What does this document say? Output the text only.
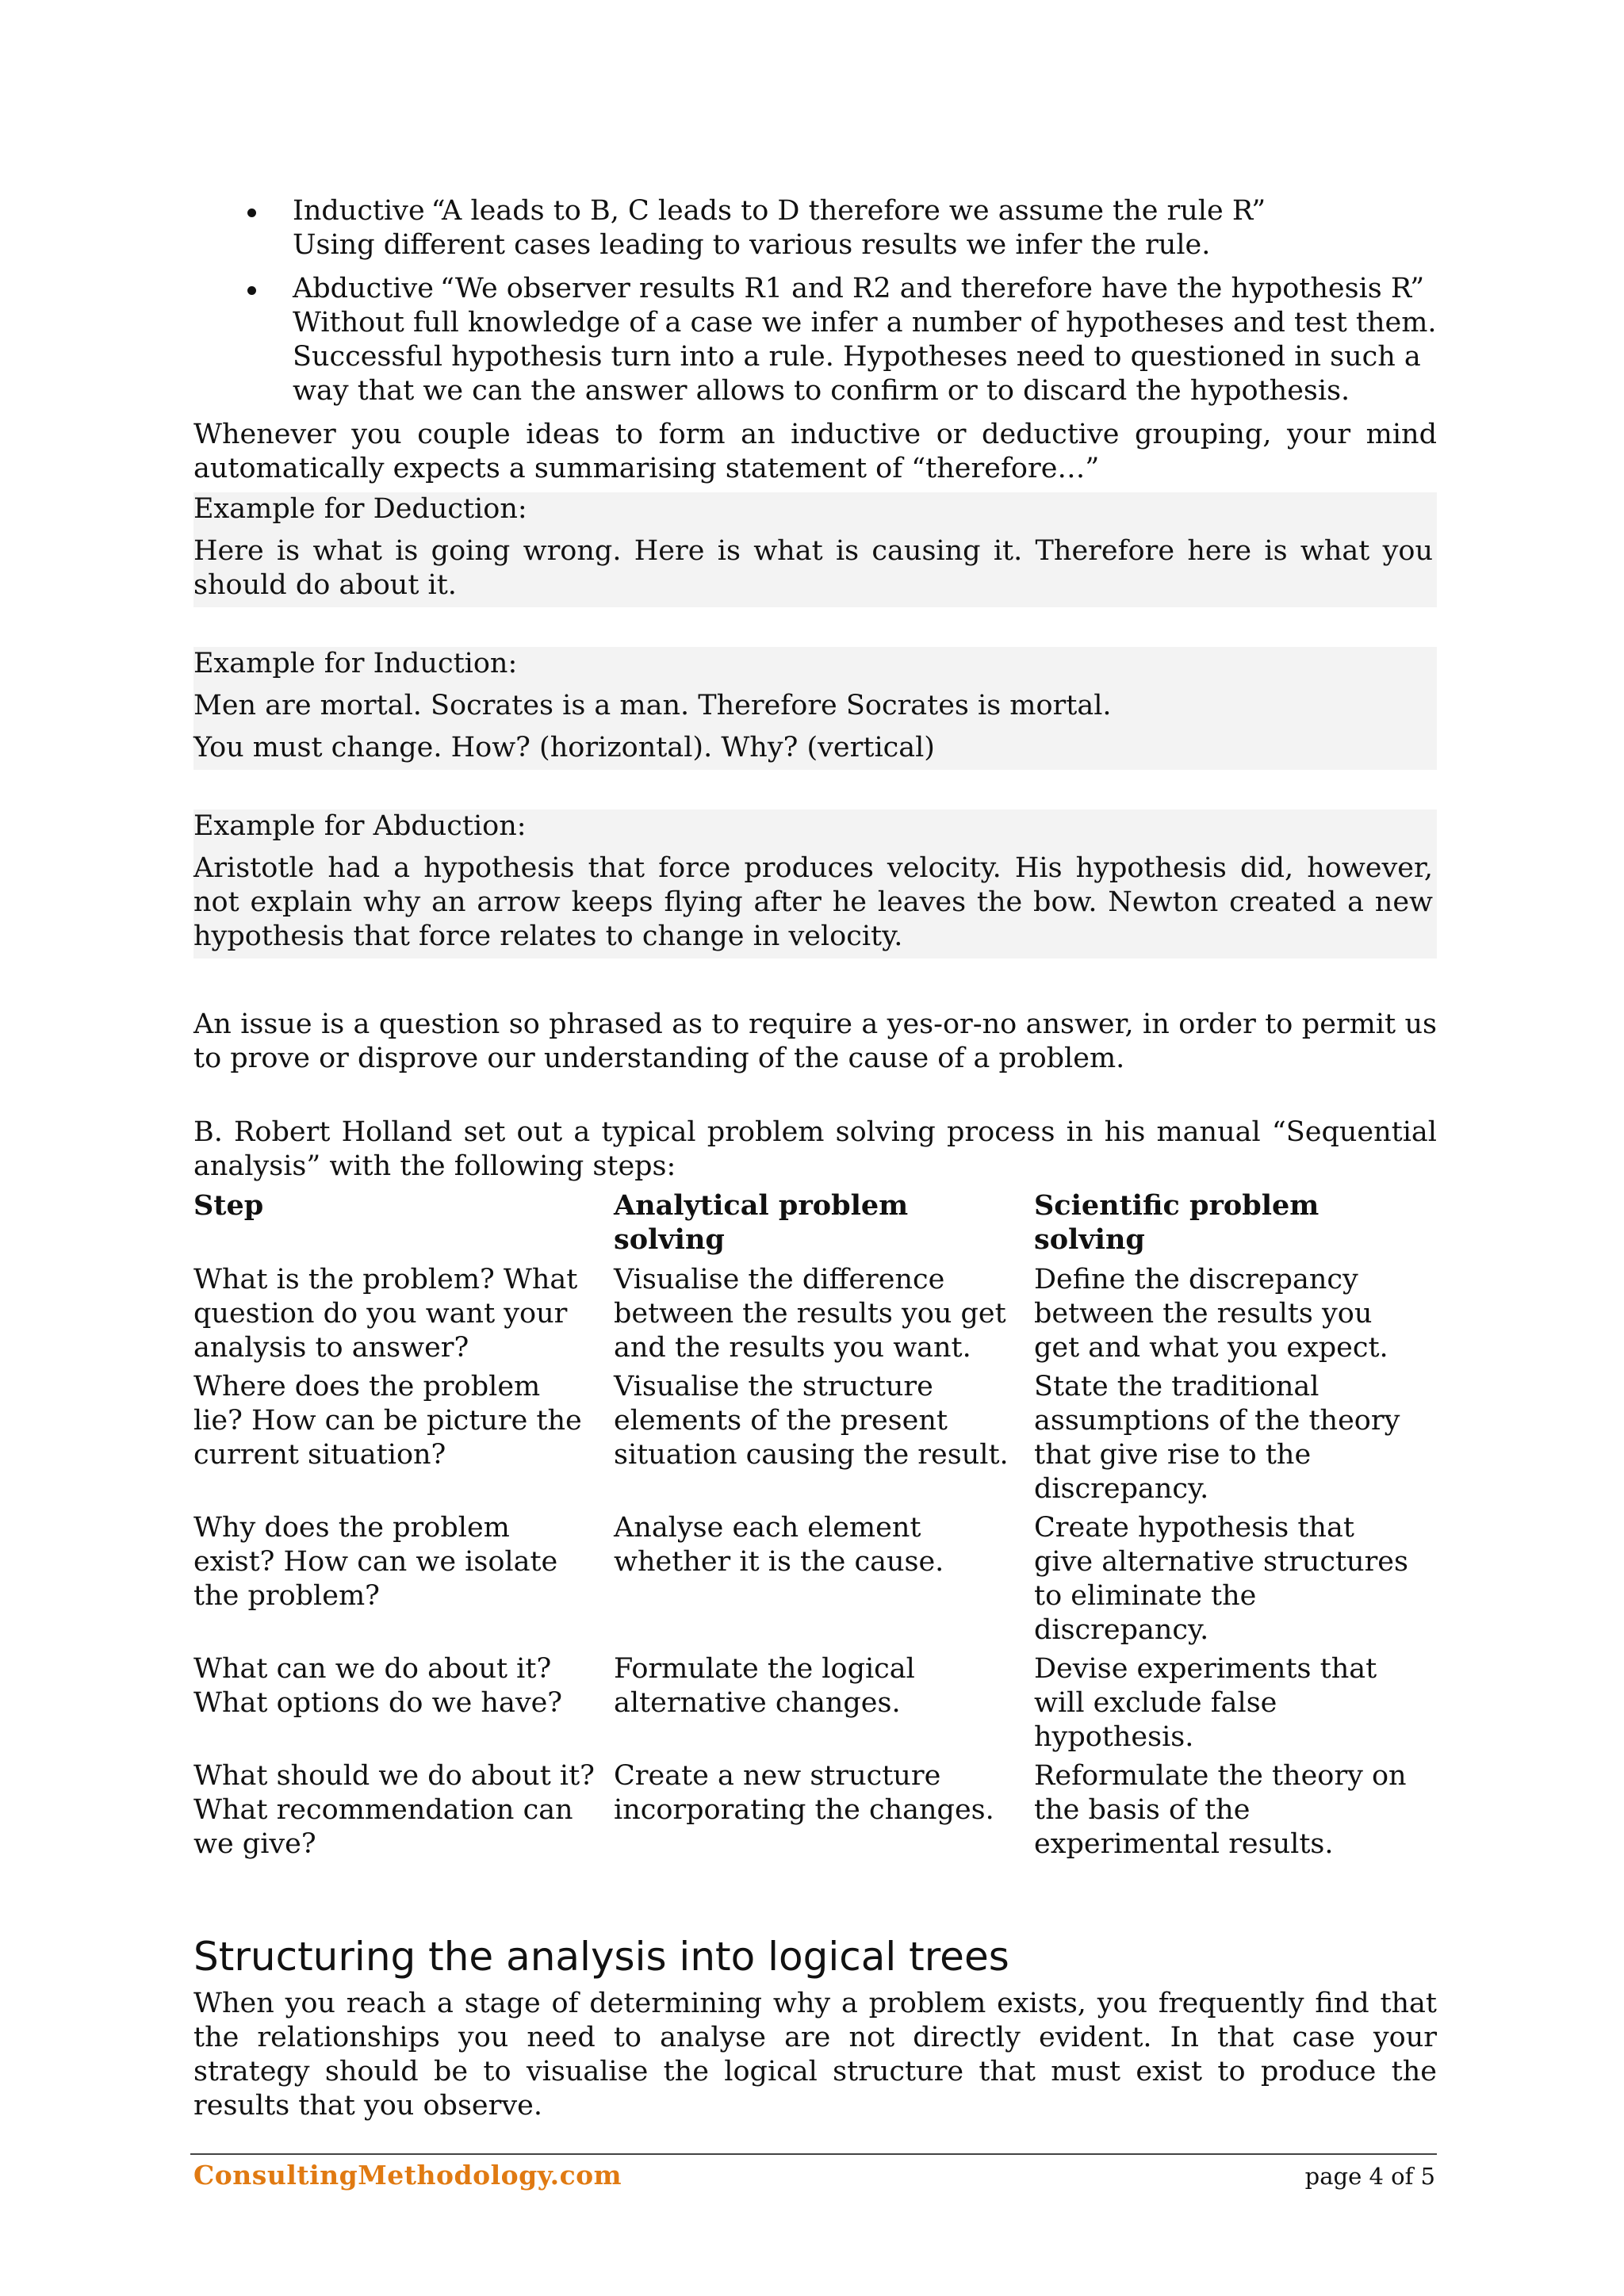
Inductive “A leads to B, C leads to D therefore we assume the rule R”
Using different cases leading to various results we infer the rule.
Abductive “We observer results R1 and R2 and therefore have the hypothesis R”
Without full knowledge of a case we infer a number of hypotheses and test them. Successful hypothesis turn into a rule. Hypotheses need to questioned in such a way that we can the answer allows to confirm or to discard the hypothesis.

Whenever you couple ideas to form an inductive or deductive grouping, your mind automatically expects a summarising statement of “therefore…”

Example for Deduction:

Here is what is going wrong. Here is what is causing it. Therefore here is what you should do about it.

Example for Induction:

Men are mortal. Socrates is a man. Therefore Socrates is mortal.

You must change. How? (horizontal). Why? (vertical)

Example for Abduction:

Aristotle had a hypothesis that force produces velocity. His hypothesis did, however, not explain why an arrow keeps flying after he leaves the bow. Newton created a new hypothesis that force relates to change in velocity.

An issue is a question so phrased as to require a yes-or-no answer, in order to permit us to prove or disprove our understanding of the cause of a problem.

B. Robert Holland set out a typical problem solving process in his manual “Sequential analysis” with the following steps:

Step	Analytical problem solving	Scientific problem solving
What is the problem? What question do you want your analysis to answer?	Visualise the difference between the results you get and the results you want.	Define the discrepancy between the results you get and what you expect.
Where does the problem lie? How can be picture the current situation?	Visualise the structure elements of the present situation causing the result.	State the traditional assumptions of the theory that give rise to the discrepancy.
Why does the problem exist? How can we isolate the problem?	Analyse each element whether it is the cause.	Create hypothesis that give alternative structures to eliminate the discrepancy.
What can we do about it? What options do we have?	Formulate the logical alternative changes.	Devise experiments that will exclude false hypothesis.
What should we do about it? What recommendation can we give?	Create a new structure incorporating the changes.	Reformulate the theory on the basis of the experimental results.
Structuring the analysis into logical trees

When you reach a stage of determining why a problem exists, you frequently find that the relationships you need to analyse are not directly evident. In that case your strategy should be to visualise the logical structure that must exist to produce the results that you observe.

ConsultingMethodology.com	page 4 of 5
